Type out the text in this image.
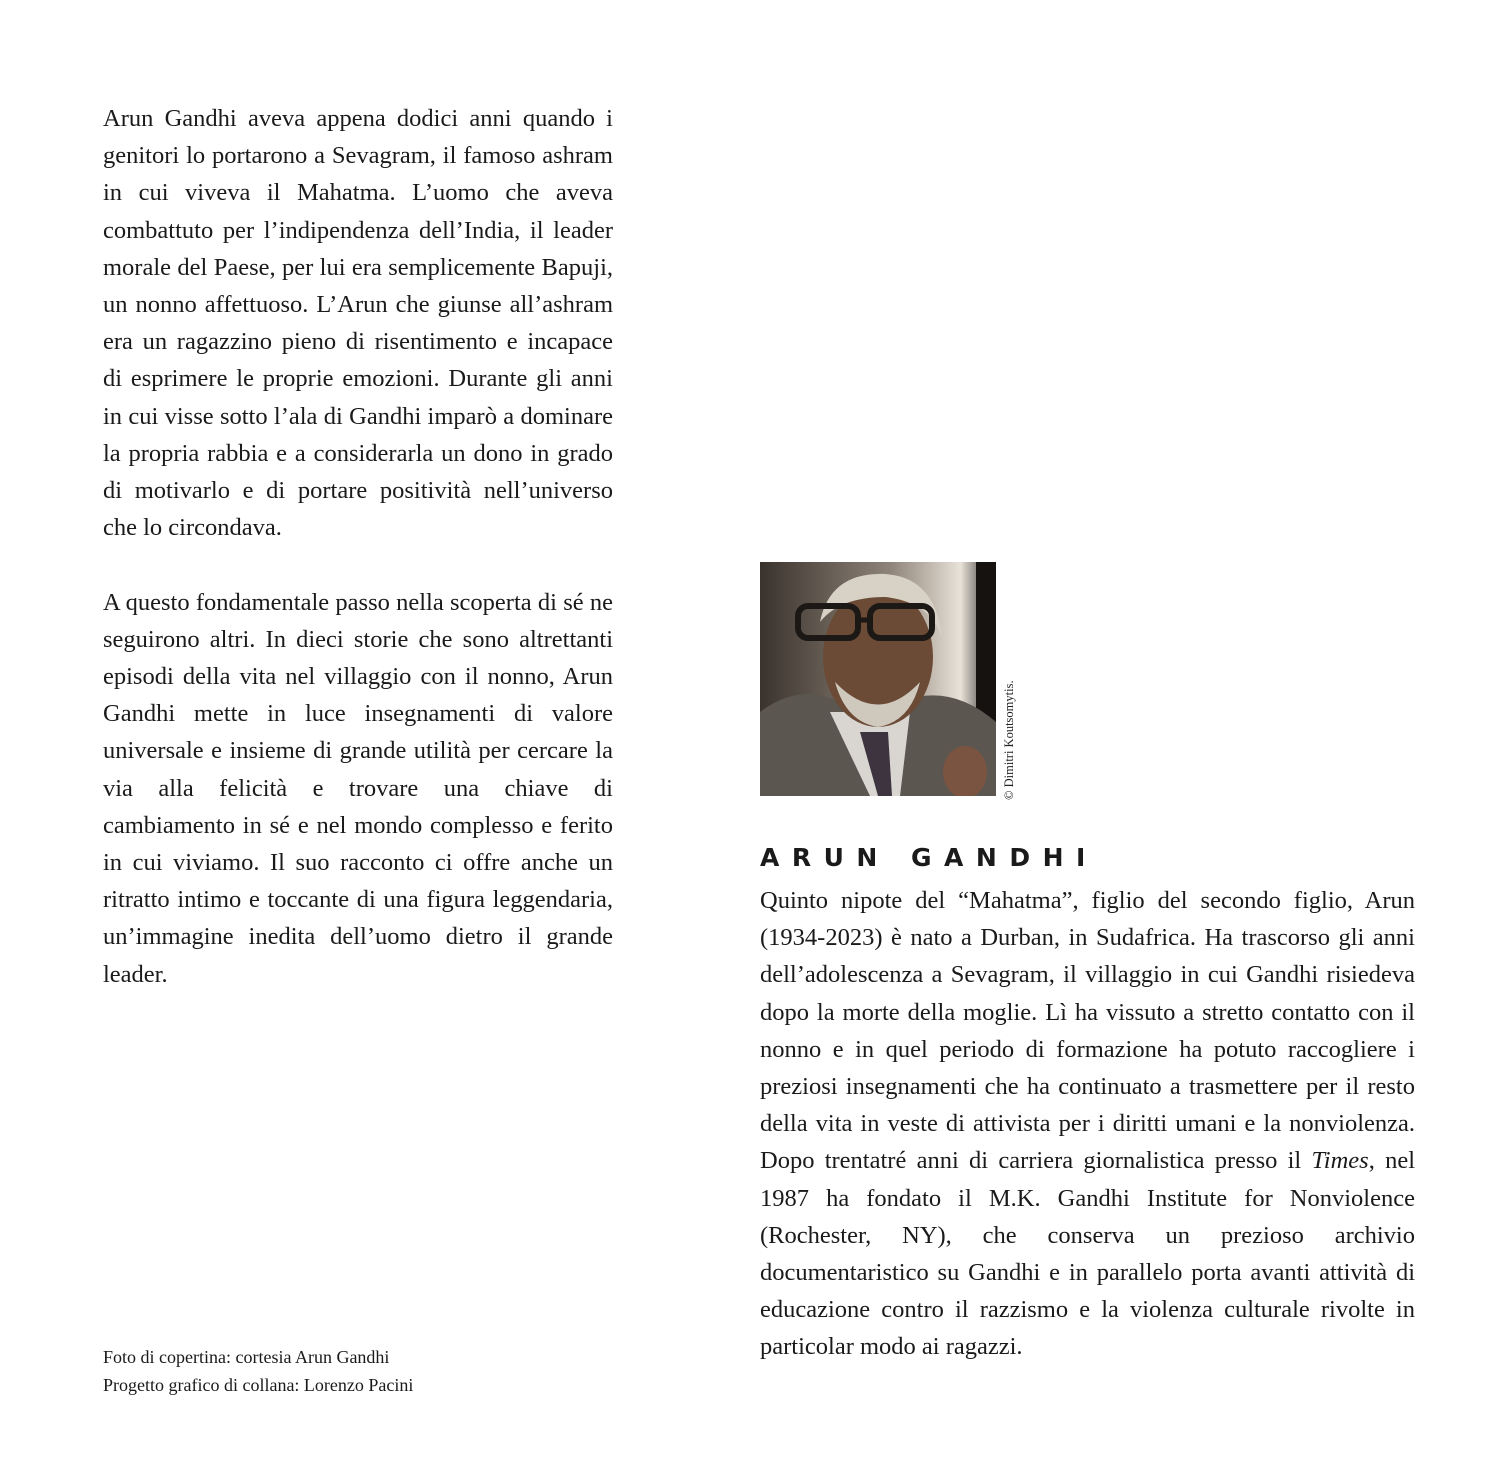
Arun Gandhi aveva appena dodici anni quando i genitori lo portarono a Sevagram, il famoso ashram in cui viveva il Mahatma. L’uomo che aveva combattuto per l’indipendenza dell’India, il leader morale del Paese, per lui era semplicemente Bapuji, un nonno affettuoso. L’Arun che giunse all’ashram era un ragazzino pieno di risentimento e incapace di esprimere le proprie emozioni. Durante gli anni in cui visse sotto l’ala di Gandhi imparò a dominare la propria rabbia e a considerarla un dono in grado di motivarlo e di portare positività nell’universo che lo circondava.

A questo fondamentale passo nella scoperta di sé ne seguirono altri. In dieci storie che sono altrettanti episodi della vita nel villaggio con il nonno, Arun Gandhi mette in luce insegnamenti di valore universale e insieme di grande utilità per cercare la via alla felicità e trovare una chiave di cambiamento in sé e nel mondo complesso e ferito in cui viviamo. Il suo racconto ci offre anche un ritratto intimo e toccante di una figura leggendaria, un’immagine inedita dell’uomo dietro il grande leader.

Foto di copertina: cortesia Arun Gandhi
Progetto grafico di collana: Lorenzo Pacini
© Dimitri Koutsomytis.
ARUN GANDHI

Quinto nipote del “Mahatma”, figlio del secondo figlio, Arun (1934-2023) è nato a Durban, in Sudafrica. Ha trascorso gli anni dell’adolescenza a Sevagram, il villaggio in cui Gandhi risiedeva dopo la morte della moglie. Lì ha vissuto a stretto contatto con il nonno e in quel periodo di formazione ha potuto raccogliere i preziosi insegnamenti che ha continuato a trasmettere per il resto della vita in veste di attivista per i diritti umani e la nonviolenza. Dopo trentatré anni di carriera giornalistica presso il Times, nel 1987 ha fondato il M.K. Gandhi Institute for Nonviolence (Rochester, NY), che conserva un prezioso archivio documentaristico su Gandhi e in parallelo porta avanti attività di educazione contro il razzismo e la violenza culturale rivolte in particolar modo ai ragazzi.
